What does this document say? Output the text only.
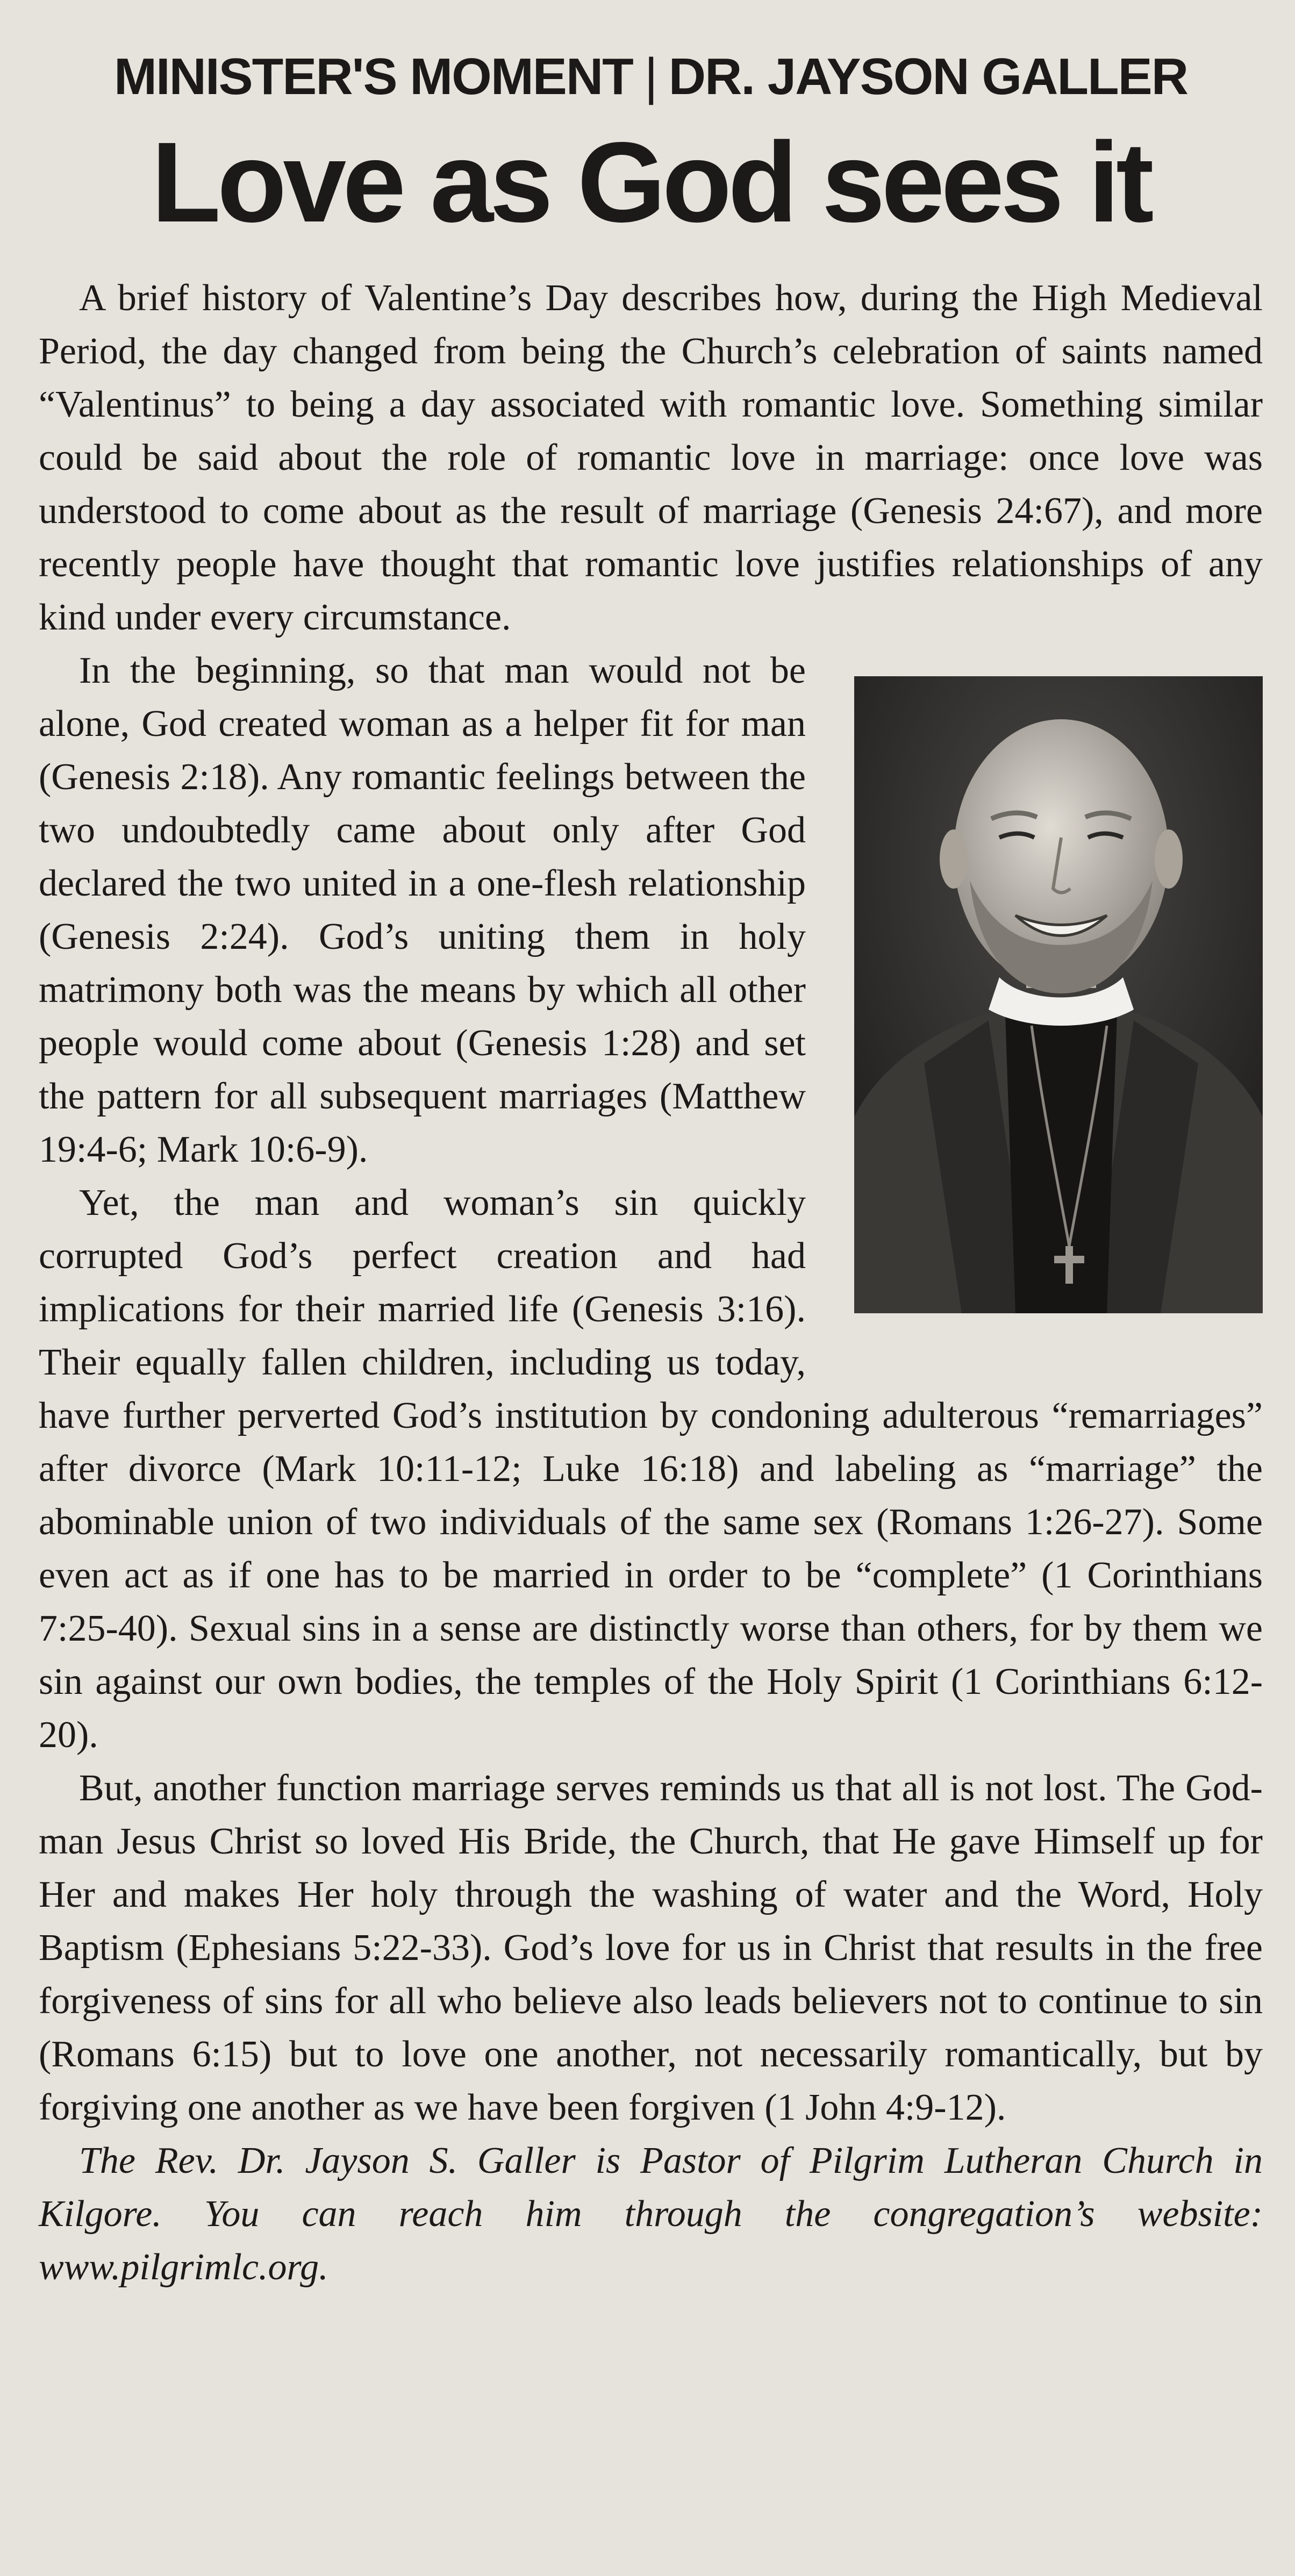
MINISTER'S MOMENT | DR. JAYSON GALLER
Love as God sees it

A brief history of Valentine’s Day describes how, during the High Medieval Period, the day changed from being the Church’s celebration of saints named “Valentinus” to being a day associated with romantic love. Something similar could be said about the role of romantic love in marriage: once love was understood to come about as the result of marriage (Genesis 24:67), and more recently people have thought that romantic love justifies relationships of any kind under every circumstance.

In the beginning, so that man would not be alone, God created woman as a helper fit for man (Genesis 2:18). Any romantic feelings between the two undoubtedly came about only after God declared the two united in a one-flesh relationship (Genesis 2:24). God’s uniting them in holy matrimony both was the means by which all other people would come about (Genesis 1:28) and set the pattern for all subsequent marriages (Matthew 19:4-6; Mark 10:6-9).

Yet, the man and woman’s sin quickly corrupted God’s perfect creation and had implications for their married life (Genesis 3:16). Their equally fallen children, including us today, have further perverted God’s institution by condoning adulterous “remarriages” after divorce (Mark 10:11-12; Luke 16:18) and labeling as “marriage” the abominable union of two individuals of the same sex (Romans 1:26-27). Some even act as if one has to be married in order to be “complete” (1 Corinthians 7:25-40). Sexual sins in a sense are distinctly worse than others, for by them we sin against our own bodies, the temples of the Holy Spirit (1 Corinthians 6:12-20).

But, another function marriage serves reminds us that all is not lost. The God-man Jesus Christ so loved His Bride, the Church, that He gave Himself up for Her and makes Her holy through the washing of water and the Word, Holy Baptism (Ephesians 5:22-33). God’s love for us in Christ that results in the free forgiveness of sins for all who believe also leads believers not to continue to sin (Romans 6:15) but to love one another, not necessarily romantically, but by forgiving one another as we have been forgiven (1 John 4:9-12).

The Rev. Dr. Jayson S. Galler is Pastor of Pilgrim Lutheran Church in Kilgore. You can reach him through the congregation’s website: www.pilgrimlc.org.
